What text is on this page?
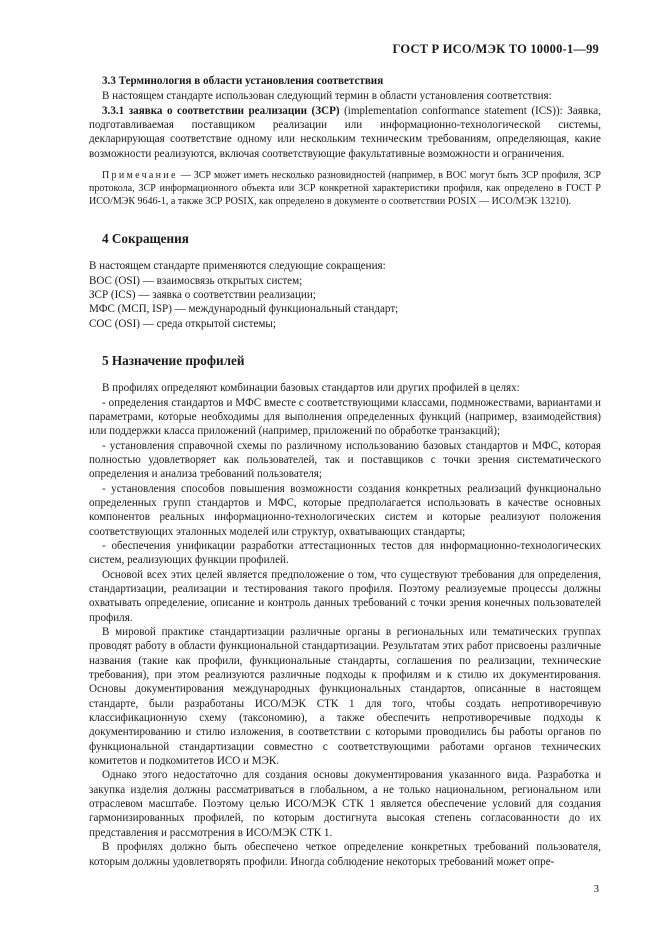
ГОСТ Р ИСО/МЭК ТО 10000-1—99

3.3 Терминология в области установления соответствия

В настоящем стандарте использован следующий термин в области установления соответствия:

3.3.1 заявка о соответствии реализации (ЗСР) (implementation conformance statement (ICS)): Заявка, подготавливаемая поставщиком реализации или информационно-технологической системы, декларирующая соответствие одному или нескольким техническим требованиям, определяющая, какие возможности реализуются, включая соответствующие факультативные возможности и ограничения.

Примечание — ЗСР может иметь несколько разновидностей (например, в ВОС могут быть ЗСР профиля, ЗСР протокола, ЗСР информационного объекта или ЗСР конкретной характеристики профиля, как определено в ГОСТ Р ИСО/МЭК 9646-1, а также ЗСР POSIX, как определено в документе о соответствии POSIX — ИСО/МЭК 13210).

4 Сокращения

В настоящем стандарте применяются следующие сокращения:

ВОС (OSI) — взаимосвязь открытых систем;

ЗСР (ICS) — заявка о соответствии реализации;

МФС (МСП, ISP) — международный функциональный стандарт;

СОС (OSI) — среда открытой системы;

5 Назначение профилей

В профилях определяют комбинации базовых стандартов или других профилей в целях:

- определения стандартов и МФС вместе с соответствующими классами, подмножествами, вариантами и параметрами, которые необходимы для выполнения определенных функций (например, взаимодействия) или поддержки класса приложений (например, приложений по обработке транзакций);

- установления справочной схемы по различному использованию базовых стандартов и МФС, которая полностью удовлетворяет как пользователей, так и поставщиков с точки зрения систематического определения и анализа требований пользователя;

- установления способов повышения возможности создания конкретных реализаций функционально определенных групп стандартов и МФС, которые предполагается использовать в качестве основных компонентов реальных информационно-технологических систем и которые реализуют положения соответствующих эталонных моделей или структур, охватывающих стандарты;

- обеспечения унификации разработки аттестационных тестов для информационно-технологических систем, реализующих функции профилей.

Основой всех этих целей является предположение о том, что существуют требования для определения, стандартизации, реализации и тестирования такого профиля. Поэтому реализуемые процессы должны охватывать определение, описание и контроль данных требований с точки зрения конечных пользователей профиля.

В мировой практике стандартизации различные органы в региональных или тематических группах проводят работу в области функциональной стандартизации. Результатам этих работ присвоены различные названия (такие как профили, функциональные стандарты, соглашения по реализации, технические требования), при этом реализуются различные подходы к профилям и к стилю их документирования. Основы документирования международных функциональных стандартов, описанные в настоящем стандарте, были разработаны ИСО/МЭК СТК 1 для того, чтобы создать непротиворечивую классификационную схему (таксономию), а также обеспечить непротиворечивые подходы к документированию и стилю изложения, в соответствии с которыми проводились бы работы органов по функциональной стандартизации совместно с соответствующими работами органов технических комитетов и подкомитетов ИСО и МЭК.

Однако этого недостаточно для создания основы документирования указанного вида. Разработка и закупка изделия должны рассматриваться в глобальном, а не только национальном, региональном или отраслевом масштабе. Поэтому целью ИСО/МЭК СТК 1 является обеспечение условий для создания гармонизированных профилей, по которым достигнута высокая степень согласованности до их представления и рассмотрения в ИСО/МЭК СТК 1.

В профилях должно быть обеспечено четкое определение конкретных требований пользователя, которым должны удовлетворять профили. Иногда соблюдение некоторых требований может опре-

3
